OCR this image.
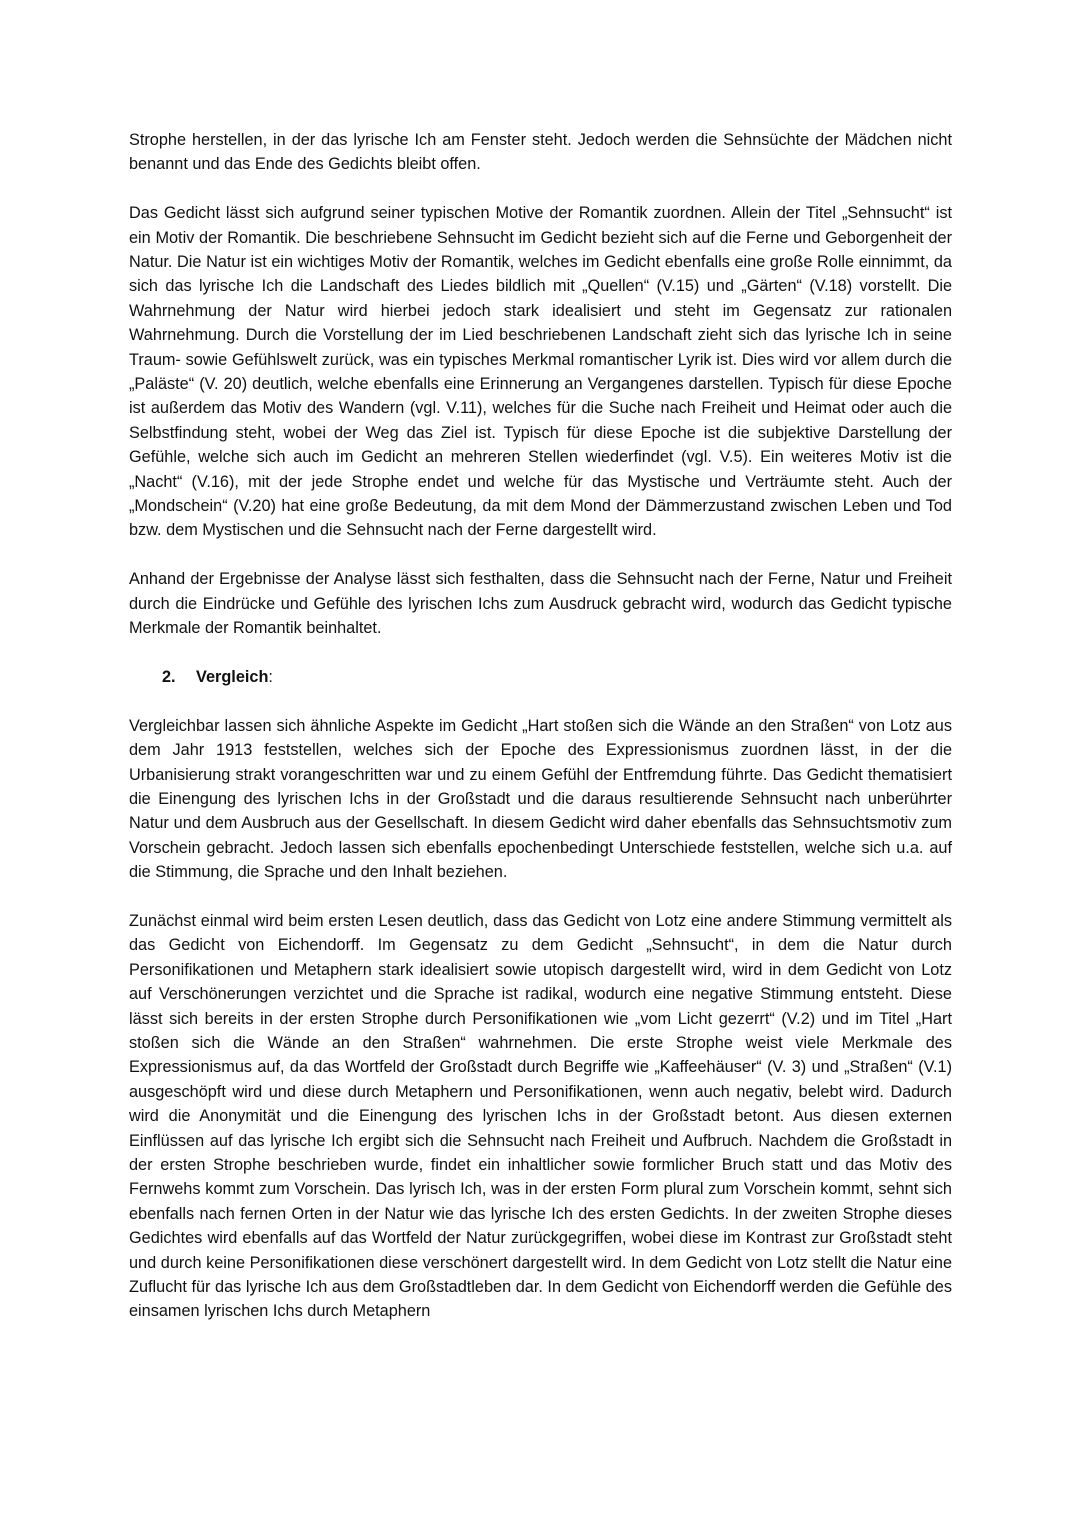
Strophe herstellen, in der das lyrische Ich am Fenster steht. Jedoch werden die Sehnsüchte der Mädchen nicht benannt und das Ende des Gedichts bleibt offen.

Das Gedicht lässt sich aufgrund seiner typischen Motive der Romantik zuordnen. Allein der Titel „Sehnsucht“ ist ein Motiv der Romantik. Die beschriebene Sehnsucht im Gedicht bezieht sich auf die Ferne und Geborgenheit der Natur. Die Natur ist ein wichtiges Motiv der Romantik, welches im Gedicht ebenfalls eine große Rolle einnimmt, da sich das lyrische Ich die Landschaft des Liedes bildlich mit „Quellen“ (V.15) und „Gärten“ (V.18) vorstellt. Die Wahrnehmung der Natur wird hierbei jedoch stark idealisiert und steht im Gegensatz zur rationalen Wahrnehmung. Durch die Vorstellung der im Lied beschriebenen Landschaft zieht sich das lyrische Ich in seine Traum- sowie Gefühlswelt zurück, was ein typisches Merkmal romantischer Lyrik ist. Dies wird vor allem durch die „Paläste“ (V. 20) deutlich, welche ebenfalls eine Erinnerung an Vergangenes darstellen. Typisch für diese Epoche ist außerdem das Motiv des Wandern (vgl. V.11), welches für die Suche nach Freiheit und Heimat oder auch die Selbstfindung steht, wobei der Weg das Ziel ist. Typisch für diese Epoche ist die subjektive Darstellung der Gefühle, welche sich auch im Gedicht an mehreren Stellen wiederfindet (vgl. V.5). Ein weiteres Motiv ist die „Nacht“ (V.16), mit der jede Strophe endet und welche für das Mystische und Verträumte steht. Auch der „Mondschein“ (V.20) hat eine große Bedeutung, da mit dem Mond der Dämmerzustand zwischen Leben und Tod bzw. dem Mystischen und die Sehnsucht nach der Ferne dargestellt wird.

Anhand der Ergebnisse der Analyse lässt sich festhalten, dass die Sehnsucht nach der Ferne, Natur und Freiheit durch die Eindrücke und Gefühle des lyrischen Ichs zum Ausdruck gebracht wird, wodurch das Gedicht typische Merkmale der Romantik beinhaltet.

2. Vergleich:

Vergleichbar lassen sich ähnliche Aspekte im Gedicht „Hart stoßen sich die Wände an den Straßen“ von Lotz aus dem Jahr 1913 feststellen, welches sich der Epoche des Expressionismus zuordnen lässt, in der die Urbanisierung strakt vorangeschritten war und zu einem Gefühl der Entfremdung führte. Das Gedicht thematisiert die Einengung des lyrischen Ichs in der Großstadt und die daraus resultierende Sehnsucht nach unberührter Natur und dem Ausbruch aus der Gesellschaft. In diesem Gedicht wird daher ebenfalls das Sehnsuchtsmotiv zum Vorschein gebracht. Jedoch lassen sich ebenfalls epochenbedingt Unterschiede feststellen, welche sich u.a. auf die Stimmung, die Sprache und den Inhalt beziehen.

Zunächst einmal wird beim ersten Lesen deutlich, dass das Gedicht von Lotz eine andere Stimmung vermittelt als das Gedicht von Eichendorff. Im Gegensatz zu dem Gedicht „Sehnsucht“, in dem die Natur durch Personifikationen und Metaphern stark idealisiert sowie utopisch dargestellt wird, wird in dem Gedicht von Lotz auf Verschönerungen verzichtet und die Sprache ist radikal, wodurch eine negative Stimmung entsteht. Diese lässt sich bereits in der ersten Strophe durch Personifikationen wie „vom Licht gezerrt“ (V.2) und im Titel „Hart stoßen sich die Wände an den Straßen“ wahrnehmen. Die erste Strophe weist viele Merkmale des Expressionismus auf, da das Wortfeld der Großstadt durch Begriffe wie „Kaffeehäuser“ (V. 3) und „Straßen“ (V.1) ausgeschöpft wird und diese durch Metaphern und Personifikationen, wenn auch negativ, belebt wird. Dadurch wird die Anonymität und die Einengung des lyrischen Ichs in der Großstadt betont. Aus diesen externen Einflüssen auf das lyrische Ich ergibt sich die Sehnsucht nach Freiheit und Aufbruch. Nachdem die Großstadt in der ersten Strophe beschrieben wurde, findet ein inhaltlicher sowie formlicher Bruch statt und das Motiv des Fernwehs kommt zum Vorschein. Das lyrisch Ich, was in der ersten Form plural zum Vorschein kommt, sehnt sich ebenfalls nach fernen Orten in der Natur wie das lyrische Ich des ersten Gedichts. In der zweiten Strophe dieses Gedichtes wird ebenfalls auf das Wortfeld der Natur zurückgegriffen, wobei diese im Kontrast zur Großstadt steht und durch keine Personifikationen diese verschönert dargestellt wird. In dem Gedicht von Lotz stellt die Natur eine Zuflucht für das lyrische Ich aus dem Großstadtleben dar. In dem Gedicht von Eichendorff werden die Gefühle des einsamen lyrischen Ichs durch Metaphern
